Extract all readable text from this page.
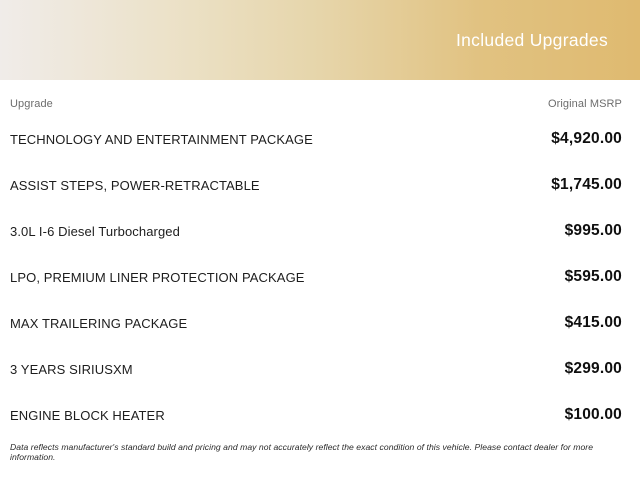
Included Upgrades
Upgrade	Original MSRP
TECHNOLOGY AND ENTERTAINMENT PACKAGE	$4,920.00
ASSIST STEPS, POWER-RETRACTABLE	$1,745.00
3.0L I-6 Diesel Turbocharged	$995.00
LPO, PREMIUM LINER PROTECTION PACKAGE	$595.00
MAX TRAILERING PACKAGE	$415.00
3 YEARS SIRIUSXM	$299.00
ENGINE BLOCK HEATER	$100.00
Data reflects manufacturer's standard build and pricing and may not accurately reflect the exact condition of this vehicle. Please contact dealer for more information.
